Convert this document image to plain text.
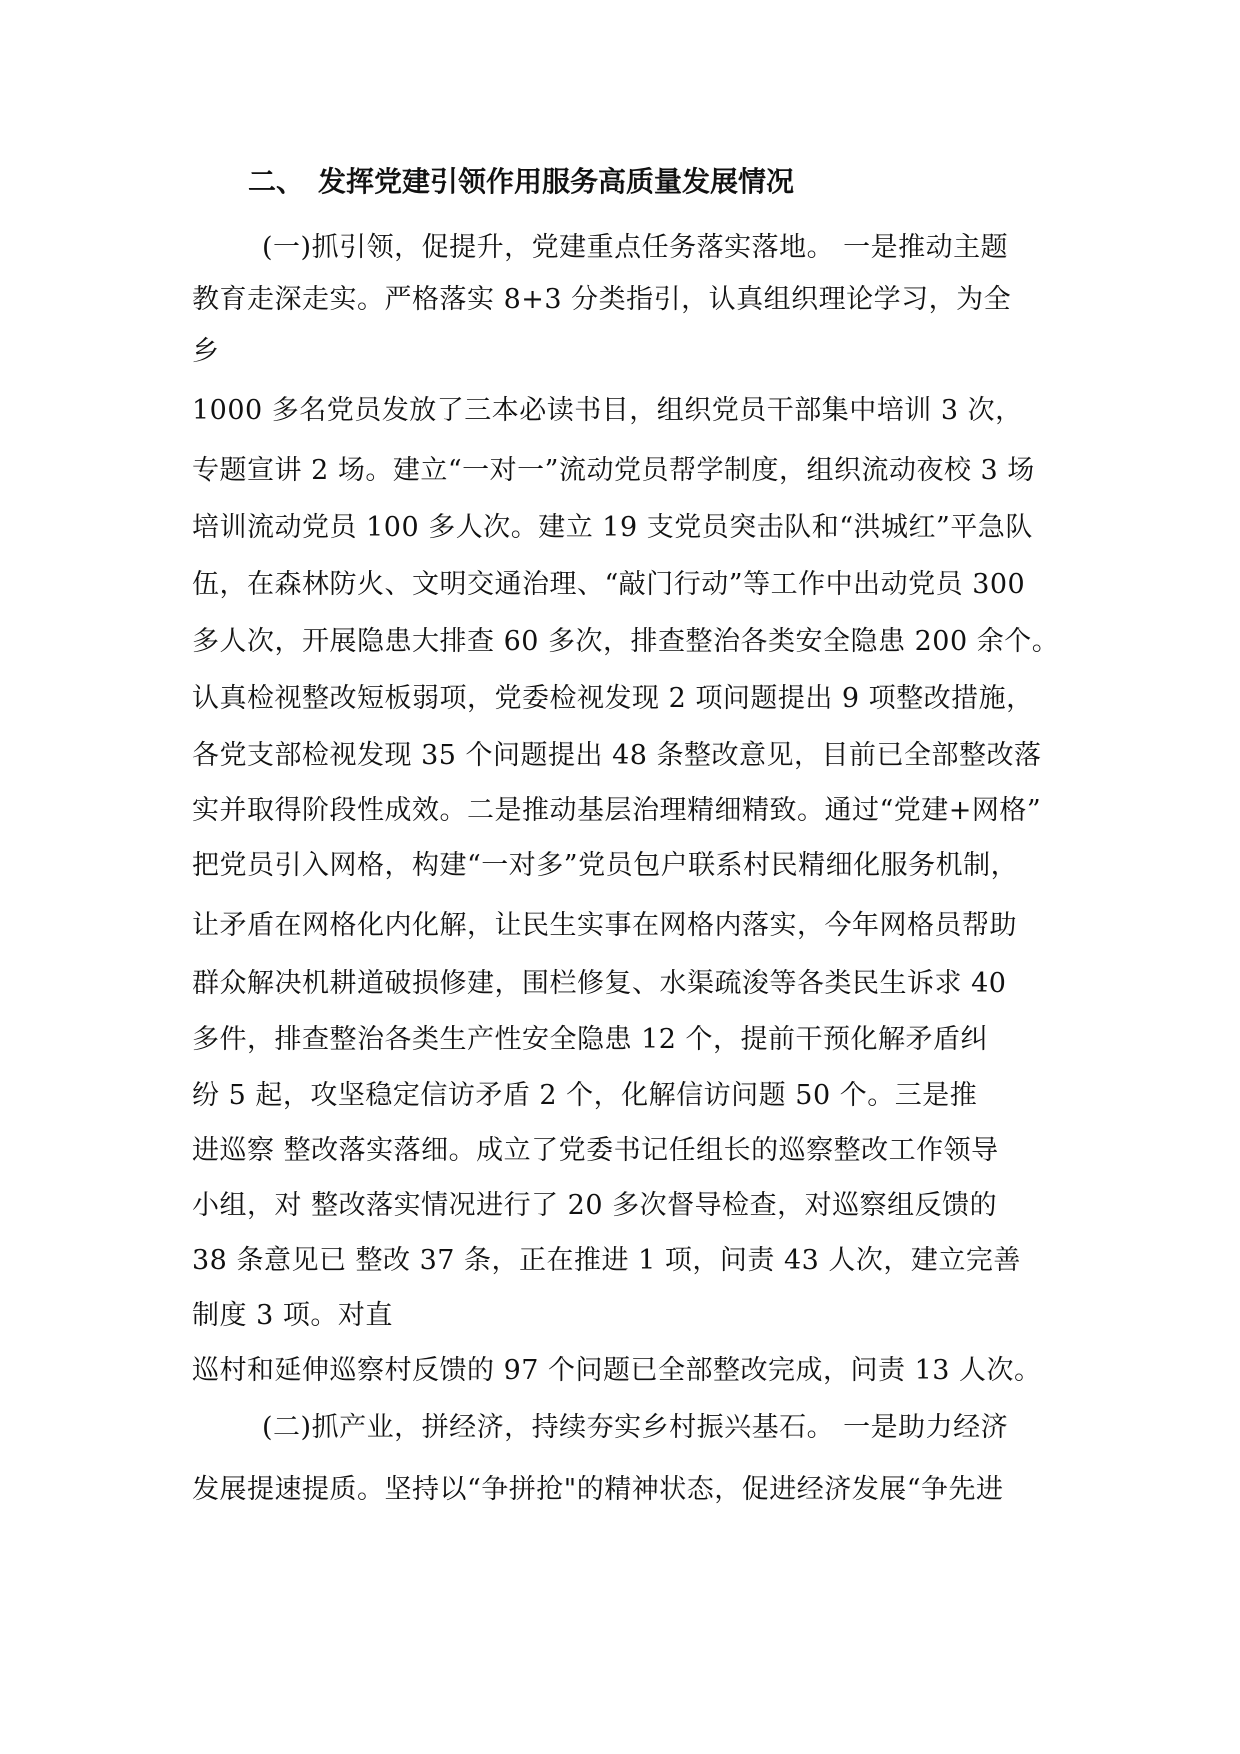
二、 发挥党建引领作用服务高质量发展情况
(一)抓引领，促提升，党建重点任务落实落地。 一是推动主题
教育走深走实。严格落实 8+3 分类指引，认真组织理论学习，为全
乡
1000 多名党员发放了三本必读书目，组织党员干部集中培训 3 次，
专题宣讲 2 场。建立“一对一”流动党员帮学制度，组织流动夜校 3 场
培训流动党员 100 多人次。建立 19 支党员突击队和“洪城红”平急队
伍，在森林防火、文明交通治理、“敲门行动”等工作中出动党员 300
多人次，开展隐患大排查 60 多次，排查整治各类安全隐患 200 余个。
认真检视整改短板弱项，党委检视发现 2 项问题提出 9 项整改措施，
各党支部检视发现 35 个问题提出 48 条整改意见，目前已全部整改落
实并取得阶段性成效。二是推动基层治理精细精致。通过“党建+网格”
把党员引入网格，构建“一对多”党员包户联系村民精细化服务机制，
让矛盾在网格化内化解，让民生实事在网格内落实，今年网格员帮助
群众解决机耕道破损修建，围栏修复、水渠疏浚等各类民生诉求 40
多件，排查整治各类生产性安全隐患 12 个，提前干预化解矛盾纠
纷 5 起，攻坚稳定信访矛盾 2 个，化解信访问题 50 个。三是推
进巡察 整改落实落细。成立了党委书记任组长的巡察整改工作领导
小组，对 整改落实情况进行了 20 多次督导检查，对巡察组反馈的
38 条意见已 整改 37 条，正在推进 1 项，问责 43 人次，建立完善
制度 3 项。对直
巡村和延伸巡察村反馈的 97 个问题已全部整改完成，问责 13 人次。
(二)抓产业，拼经济，持续夯实乡村振兴基石。 一是助力经济
发展提速提质。坚持以“争拼抢"的精神状态，促进经济发展“争先进
